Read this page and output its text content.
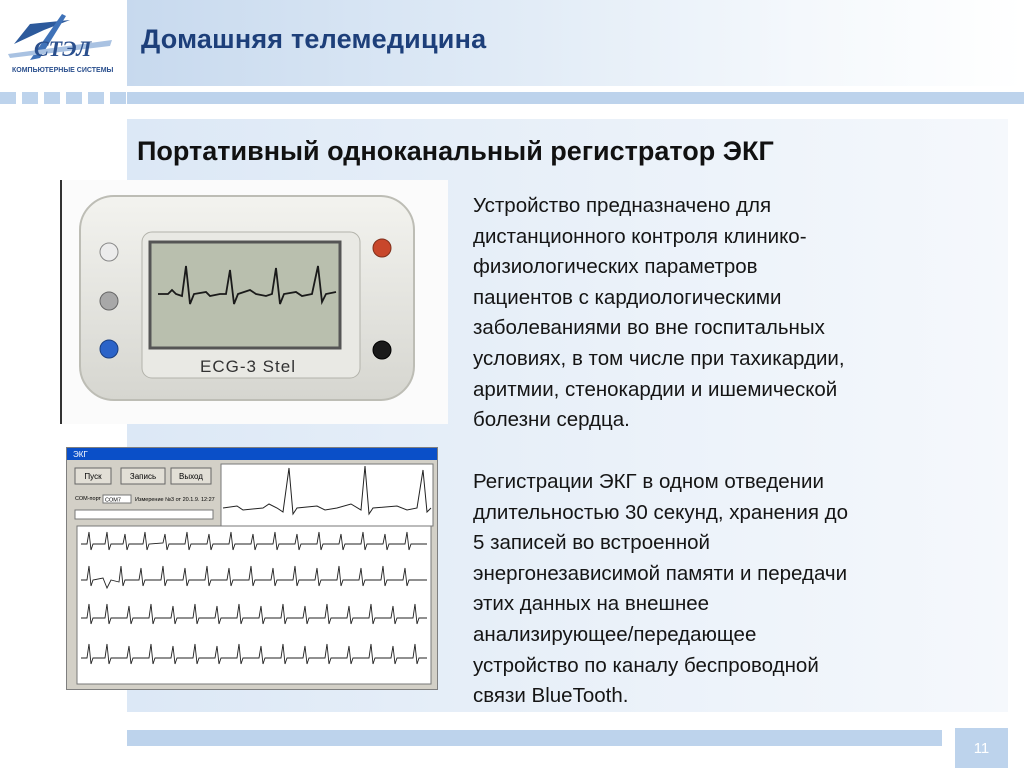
СТЭЛ
КОМПЬЮТЕРНЫЕ СИСТЕМЫ
Домашняя телемедицина
Портативный одноканальный регистратор ЭКГ
ECG-3 Stel
ЭКГ
Пуск	Запись	Выход
СОМ-порт COM7	Измерение №3 от 20.1.9. 12:27
Устройство предназначено для
дистанционного контроля клинико-
физиологических параметров
пациентов с кардиологическими
заболеваниями во вне госпитальных
условиях, в том числе при тахикардии,
аритмии, стенокардии и ишемической
болезни сердца.
Регистрации ЭКГ в одном отведении
длительностью 30 секунд, хранения до
5 записей во встроенной
энергонезависимой памяти и передачи
этих данных на внешнее
анализирующее/передающее
устройство по каналу беспроводной
связи BlueTooth.
11
